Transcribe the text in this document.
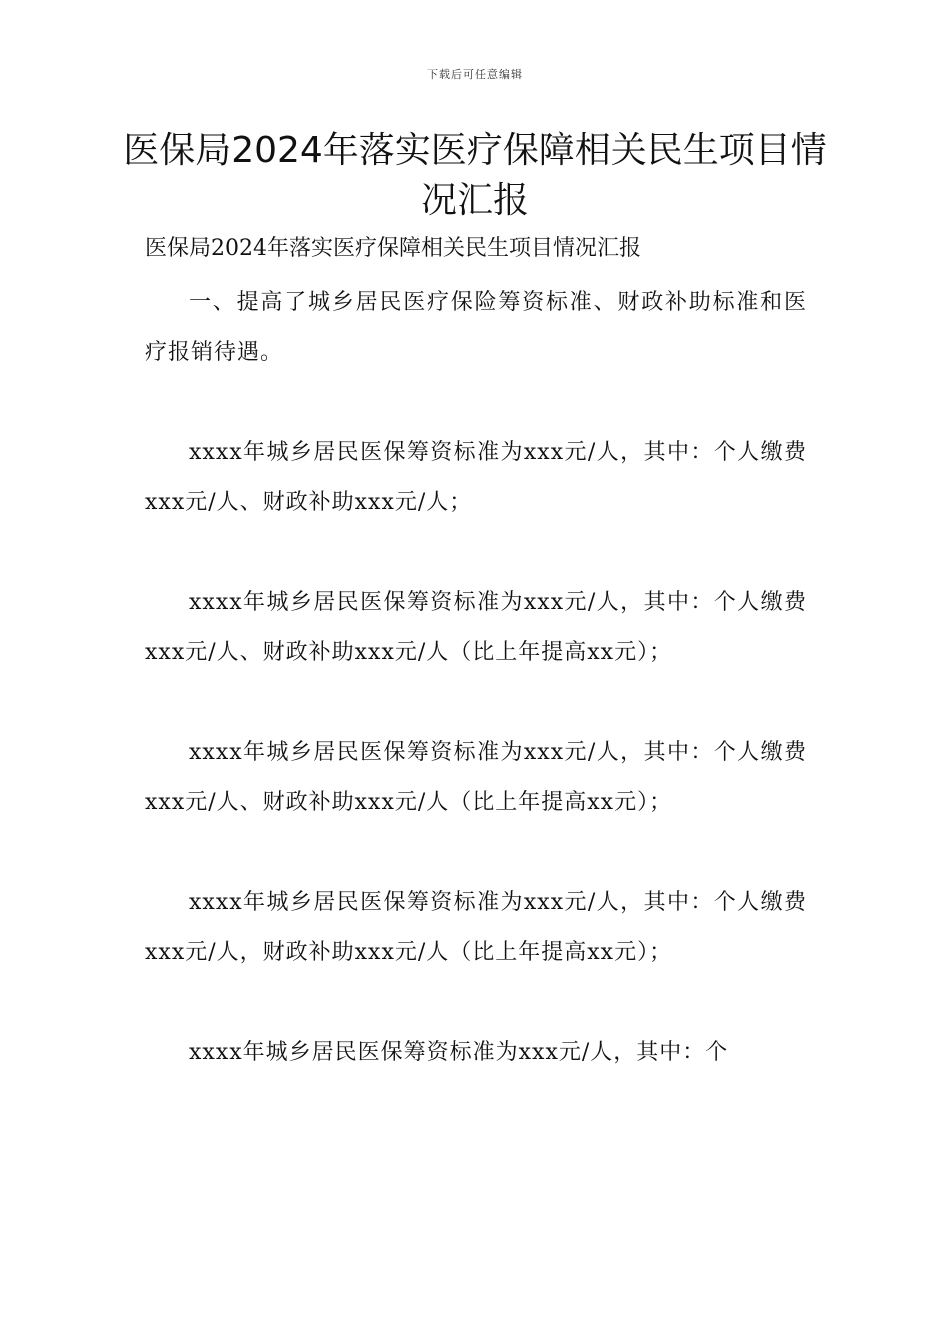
下载后可任意编辑
医保局2024年落实医疗保障相关民生项目情况汇报

医保局2024年落实医疗保障相关民生项目情况汇报

一、提高了城乡居民医疗保险筹资标准、财政补助标准和医疗报销待遇。

xxxx年城乡居民医保筹资标准为xxx元/人，其中：个人缴费xxx元/人、财政补助xxx元/人；

xxxx年城乡居民医保筹资标准为xxx元/人，其中：个人缴费xxx元/人、财政补助xxx元/人（比上年提高xx元）；

xxxx年城乡居民医保筹资标准为xxx元/人，其中：个人缴费xxx元/人、财政补助xxx元/人（比上年提高xx元）；

xxxx年城乡居民医保筹资标准为xxx元/人，其中：个人缴费xxx元/人，财政补助xxx元/人（比上年提高xx元）；

xxxx年城乡居民医保筹资标准为xxx元/人，其中：个
